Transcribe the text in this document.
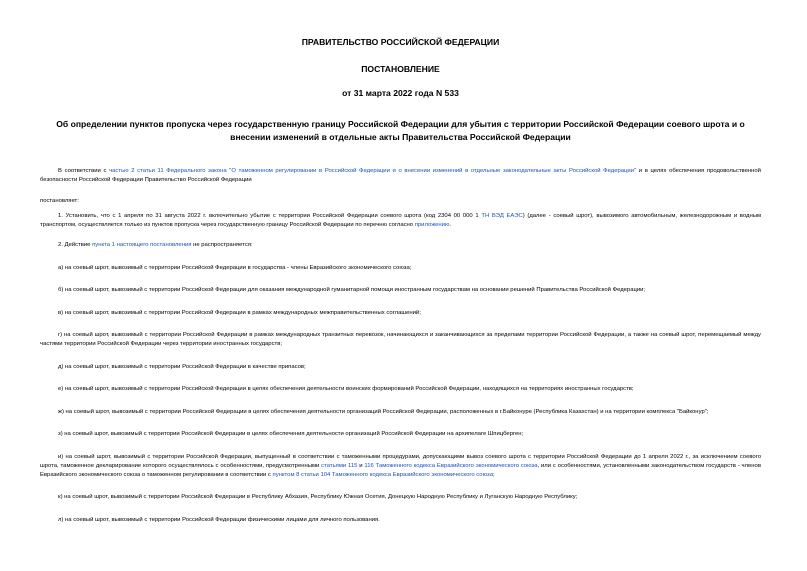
ПРАВИТЕЛЬСТВО РОССИЙСКОЙ ФЕДЕРАЦИИ
ПОСТАНОВЛЕНИЕ
от 31 марта 2022 года N 533
Об определении пунктов пропуска через государственную границу Российской Федерации для убытия с территории Российской Федерации соевого шрота и о внесении изменений в отдельные акты Правительства Российской Федерации

В соответствии с частью 2 статьи 11 Федерального закона "О таможенном регулировании в Российской Федерации и о внесении изменений в отдельные законодательные акты Российской Федерации" и в целях обеспечения продовольственной безопасности Российской Федерации Правительство Российской Федерации

постановляет:

1. Установить, что с 1 апреля по 31 августа 2022 г. включительно убытие с территории Российской Федерации соевого шрота (код 2304 00 000 1 ТН ВЭД ЕАЭС) (далее - соевый шрот), вывозимого автомобильным, железнодорожным и водным транспортом, осуществляется только из пунктов пропуска через государственную границу Российской Федерации по перечню согласно приложению.

2. Действие пункта 1 настоящего постановления не распространяется:

а) на соевый шрот, вывозимый с территории Российской Федерации в государства - члены Евразийского экономического союза;

б) на соевый шрот, вывозимый с территории Российской Федерации для оказания международной гуманитарной помощи иностранным государствам на основании решений Правительства Российской Федерации;

в) на соевый шрот, вывозимый с территории Российской Федерации в рамках международных межправительственных соглашений;

г) на соевый шрот, вывозимый с территории Российской Федерации в рамках международных транзитных перевозок, начинающихся и заканчивающихся за пределами территории Российской Федерации, а также на соевый шрот, перемещаемый между частями территории Российской Федерации через территории иностранных государств;

д) на соевый шрот, вывозимый с территории Российской Федерации в качестве припасов;

е) на соевый шрот, вывозимый с территории Российской Федерации в целях обеспечения деятельности воинских формирований Российской Федерации, находящихся на территориях иностранных государств;

ж) на соевый шрот, вывозимый с территории Российской Федерации в целях обеспечения деятельности организаций Российской Федерации, расположенных в г.Байконуре (Республика Казахстан) и на территории комплекса "Байконур";

з) на соевый шрот, вывозимый с территории Российской Федерации в целях обеспечения деятельности организаций Российской Федерации на архипелаге Шпицберген;

и) на соевый шрот, вывозимый с территории Российской Федерации, выпущенный в соответствии с таможенными процедурами, допускающими вывоз соевого шрота с территории Российской Федерации до 1 апреля 2022 г., за исключением соевого шрота, таможенное декларирование которого осуществлялось с особенностями, предусмотренными статьями 115 и 116 Таможенного кодекса Евразийского экономического союза, или с особенностями, установленными законодательством государств - членов Евразийского экономического союза о таможенном регулировании в соответствии с пунктом 8 статьи 104 Таможенного кодекса Евразийского экономического союза;

к) на соевый шрот, вывозимый с территории Российской Федерации в Республику Абхазия, Республику Южная Осетия, Донецкую Народную Республику и Луганскую Народную Республику;

л) на соевый шрот, вывозимый с территории Российской Федерации физическими лицами для личного пользования.
